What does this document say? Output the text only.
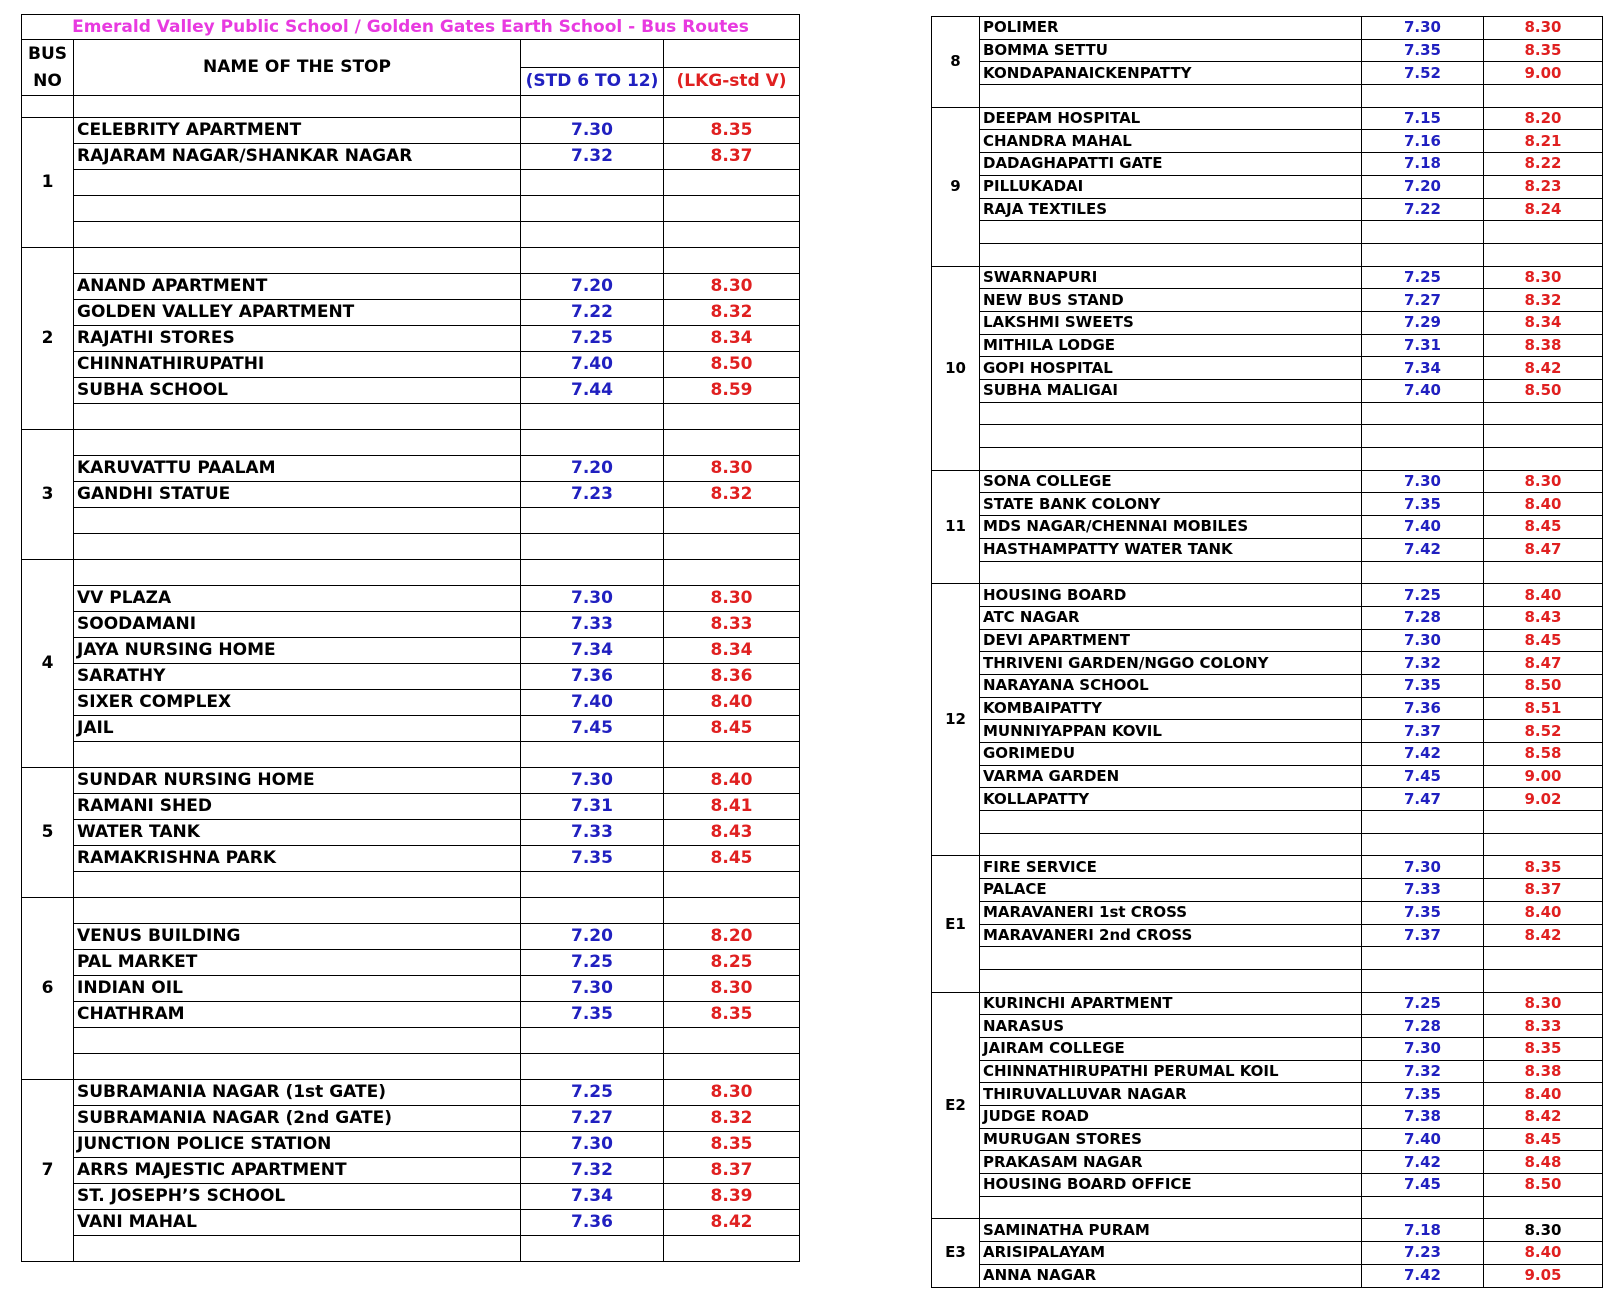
Emerald Valley Public School / Golden Gates Earth School - Bus Routes			
BUS
NO	NAME OF THE STOP		
		(STD 6 TO 12)	(LKG-std V)

1	CELEBRITY APARTMENT	7.30	8.35
	RAJARAM NAGAR/SHANKAR NAGAR	7.32	8.37

2			
	ANAND APARTMENT	7.20	8.30
	GOLDEN VALLEY APARTMENT	7.22	8.32
	RAJATHI STORES	7.25	8.34
	CHINNATHIRUPATHI	7.40	8.50
	SUBHA SCHOOL	7.44	8.59

3			
	KARUVATTU PAALAM	7.20	8.30
	GANDHI STATUE	7.23	8.32

4			
	VV PLAZA	7.30	8.30
	SOODAMANI	7.33	8.33
	JAYA NURSING HOME	7.34	8.34
	SARATHY	7.36	8.36
	SIXER COMPLEX	7.40	8.40
	JAIL	7.45	8.45

5	SUNDAR NURSING HOME	7.30	8.40
	RAMANI SHED	7.31	8.41
	WATER TANK	7.33	8.43
	RAMAKRISHNA PARK	7.35	8.45

6			
	VENUS BUILDING	7.20	8.20
	PAL MARKET	7.25	8.25
	INDIAN OIL	7.30	8.30
	CHATHRAM	7.35	8.35

7	SUBRAMANIA NAGAR (1st GATE)	7.25	8.30
	SUBRAMANIA NAGAR (2nd GATE)	7.27	8.32
	JUNCTION POLICE STATION	7.30	8.35
	ARRS MAJESTIC APARTMENT	7.32	8.37
	ST. JOSEPH’S SCHOOL	7.34	8.39
	VANI MAHAL	7.36	8.42

8	POLIMER	7.30	8.30
	BOMMA SETTU	7.35	8.35
	KONDAPANAICKENPATTY	7.52	9.00

9	DEEPAM HOSPITAL	7.15	8.20
	CHANDRA MAHAL	7.16	8.21
	DADAGHAPATTI GATE	7.18	8.22
	PILLUKADAI	7.20	8.23
	RAJA TEXTILES	7.22	8.24

10	SWARNAPURI	7.25	8.30
	NEW BUS STAND	7.27	8.32
	LAKSHMI SWEETS	7.29	8.34
	MITHILA LODGE	7.31	8.38
	GOPI HOSPITAL	7.34	8.42
	SUBHA MALIGAI	7.40	8.50

11	SONA COLLEGE	7.30	8.30
	STATE BANK COLONY	7.35	8.40
	MDS NAGAR/CHENNAI MOBILES	7.40	8.45
	HASTHAMPATTY WATER TANK	7.42	8.47

12	HOUSING BOARD	7.25	8.40
	ATC NAGAR	7.28	8.43
	DEVI APARTMENT	7.30	8.45
	THRIVENI GARDEN/NGGO COLONY	7.32	8.47
	NARAYANA SCHOOL	7.35	8.50
	KOMBAIPATTY	7.36	8.51
	MUNNIYAPPAN KOVIL	7.37	8.52
	GORIMEDU	7.42	8.58
	VARMA GARDEN	7.45	9.00
	KOLLAPATTY	7.47	9.02

E1	FIRE SERVICE	7.30	8.35
	PALACE	7.33	8.37
	MARAVANERI 1st CROSS	7.35	8.40
	MARAVANERI 2nd CROSS	7.37	8.42

E2	KURINCHI APARTMENT	7.25	8.30
	NARASUS	7.28	8.33
	JAIRAM COLLEGE	7.30	8.35
	CHINNATHIRUPATHI PERUMAL KOIL	7.32	8.38
	THIRUVALLUVAR NAGAR	7.35	8.40
	JUDGE ROAD	7.38	8.42
	MURUGAN STORES	7.40	8.45
	PRAKASAM NAGAR	7.42	8.48
	HOUSING BOARD OFFICE	7.45	8.50

E3	SAMINATHA PURAM	7.18	8.30
	ARISIPALAYAM	7.23	8.40
	ANNA NAGAR	7.42	9.05
